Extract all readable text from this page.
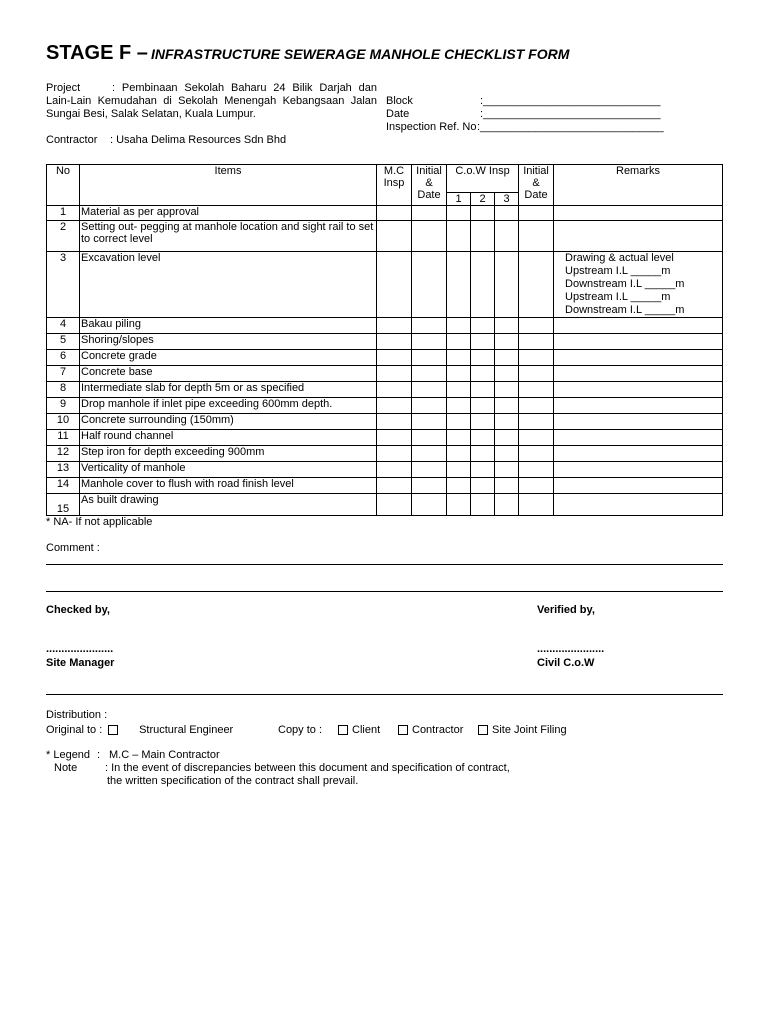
STAGE F – INFRASTRUCTURE SEWERAGE MANHOLE CHECKLIST FORM
Project	: Pembinaan Sekolah Baharu 24 Bilik Darjah dan Lain-Lain Kemudahan di Sekolah Menengah Kebangsaan Jalan Sungai Besi, Salak Selatan, Kuala Lumpur.
Contractor : Usaha Delima Resources Sdn Bhd
Block	:_____________________________
Date	:_____________________________
Inspection Ref. No :______________________________
No	Items	M.C Insp	Initial & Date	C.o.W Insp			Initial & Date	Remarks
				1	2	3		
1	Material as per approval							
2	Setting out- pegging at manhole location and sight rail to set to correct level							
3	Excavation level							Drawing & actual level
Upstream I.L _____m
Downstream I.L _____m
Upstream I.L _____m
Downstream I.L _____m
4	Bakau piling							
5	Shoring/slopes							
6	Concrete grade							
7	Concrete base							
8	Intermediate slab for depth 5m or as specified							
9	Drop manhole if inlet pipe exceeding 600mm depth.							
10	Concrete surrounding (150mm)							
11	Half round channel							
12	Step iron for depth exceeding 900mm							
13	Verticality of manhole							
14	Manhole cover to flush with road finish level							
15	As built drawing							
* NA- If not applicable
Comment :
Checked by,	Verified by,
......................	......................
Site Manager	Civil C.o.W
Distribution :
Original to :	Structural Engineer	Copy to :	Client	Contractor	Site Joint Filing
* Legend : M.C – Main Contractor
Note	: In the event of discrepancies between this document and specification of contract,
the written specification of the contract shall prevail.
